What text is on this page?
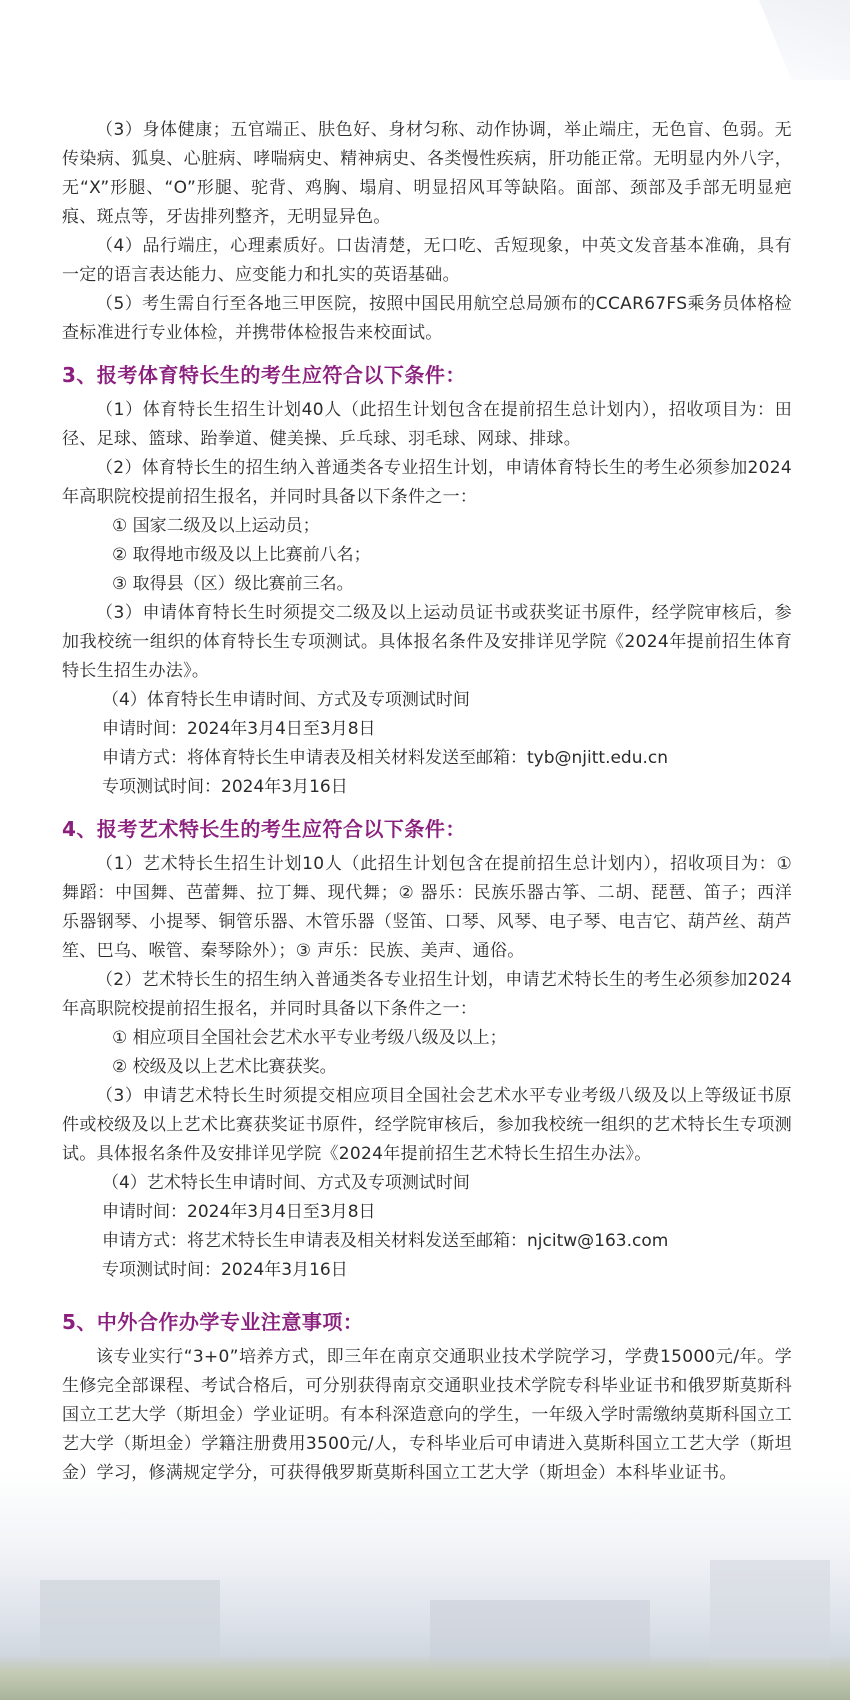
（3）身体健康；五官端正、肤色好、身材匀称、动作协调，举止端庄，无色盲、色弱。无传染病、狐臭、心脏病、哮喘病史、精神病史、各类慢性疾病，肝功能正常。无明显内外八字，无“X”形腿、“O”形腿、驼背、鸡胸、塌肩、明显招风耳等缺陷。面部、颈部及手部无明显疤痕、斑点等，牙齿排列整齐，无明显异色。

（4）品行端庄，心理素质好。口齿清楚，无口吃、舌短现象，中英文发音基本准确，具有一定的语言表达能力、应变能力和扎实的英语基础。

（5）考生需自行至各地三甲医院，按照中国民用航空总局颁布的CCAR67FS乘务员体格检查标准进行专业体检，并携带体检报告来校面试。

3、报考体育特长生的考生应符合以下条件：

（1）体育特长生招生计划40人（此招生计划包含在提前招生总计划内），招收项目为：田径、足球、篮球、跆拳道、健美操、乒乓球、羽毛球、网球、排球。

（2）体育特长生的招生纳入普通类各专业招生计划，申请体育特长生的考生必须参加2024年高职院校提前招生报名，并同时具备以下条件之一：

① 国家二级及以上运动员；

② 取得地市级及以上比赛前八名；

③ 取得县（区）级比赛前三名。

（3）申请体育特长生时须提交二级及以上运动员证书或获奖证书原件，经学院审核后，参加我校统一组织的体育特长生专项测试。具体报名条件及安排详见学院《2024年提前招生体育特长生招生办法》。

（4）体育特长生申请时间、方式及专项测试时间

申请时间：2024年3月4日至3月8日

申请方式：将体育特长生申请表及相关材料发送至邮箱：tyb@njitt.edu.cn

专项测试时间：2024年3月16日

4、报考艺术特长生的考生应符合以下条件：

（1）艺术特长生招生计划10人（此招生计划包含在提前招生总计划内），招收项目为：① 舞蹈：中国舞、芭蕾舞、拉丁舞、现代舞；② 器乐：民族乐器古筝、二胡、琵琶、笛子；西洋乐器钢琴、小提琴、铜管乐器、木管乐器（竖笛、口琴、风琴、电子琴、电吉它、葫芦丝、葫芦笙、巴乌、喉管、秦琴除外）；③ 声乐：民族、美声、通俗。

（2）艺术特长生的招生纳入普通类各专业招生计划，申请艺术特长生的考生必须参加2024年高职院校提前招生报名，并同时具备以下条件之一：

① 相应项目全国社会艺术水平专业考级八级及以上；

② 校级及以上艺术比赛获奖。

（3）申请艺术特长生时须提交相应项目全国社会艺术水平专业考级八级及以上等级证书原件或校级及以上艺术比赛获奖证书原件，经学院审核后，参加我校统一组织的艺术特长生专项测试。具体报名条件及安排详见学院《2024年提前招生艺术特长生招生办法》。

（4）艺术特长生申请时间、方式及专项测试时间

申请时间：2024年3月4日至3月8日

申请方式：将艺术特长生申请表及相关材料发送至邮箱：njcitw@163.com

专项测试时间：2024年3月16日

5、中外合作办学专业注意事项：

该专业实行“3+0”培养方式，即三年在南京交通职业技术学院学习，学费15000元/年。学生修完全部课程、考试合格后，可分别获得南京交通职业技术学院专科毕业证书和俄罗斯莫斯科国立工艺大学（斯坦金）学业证明。有本科深造意向的学生，一年级入学时需缴纳莫斯科国立工艺大学（斯坦金）学籍注册费用3500元/人，专科毕业后可申请进入莫斯科国立工艺大学（斯坦金）学习，修满规定学分，可获得俄罗斯莫斯科国立工艺大学（斯坦金）本科毕业证书。
